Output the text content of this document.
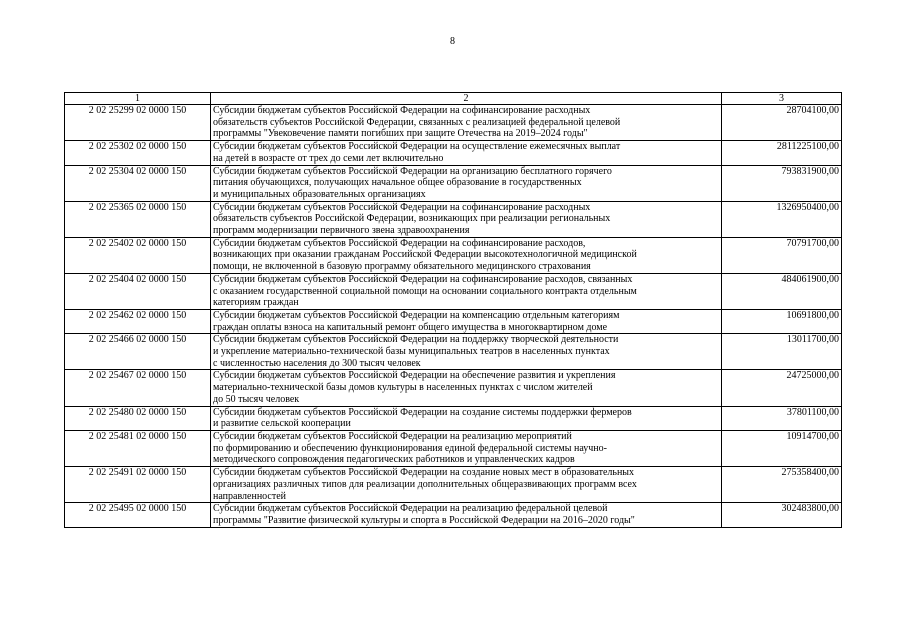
8
1	2	3
2 02 25299 02 0000 150	Субсидии бюджетам субъектов Российской Федерации на софинансирование расходных
обязательств субъектов Российской Федерации, связанных с реализацией федеральной целевой
программы "Увековечение памяти погибших при защите Отечества на 2019–2024 годы"	28704100,00
2 02 25302 02 0000 150	Субсидии бюджетам субъектов Российской Федерации на осуществление ежемесячных выплат
на детей в возрасте от трех до семи лет включительно	2811225100,00
2 02 25304 02 0000 150	Субсидии бюджетам субъектов Российской Федерации на организацию бесплатного горячего
питания обучающихся, получающих начальное общее образование в государственных
и муниципальных образовательных организациях	793831900,00
2 02 25365 02 0000 150	Субсидии бюджетам субъектов Российской Федерации на софинансирование расходных
обязательств субъектов Российской Федерации, возникающих при реализации региональных
программ модернизации первичного звена здравоохранения	1326950400,00
2 02 25402 02 0000 150	Субсидии бюджетам субъектов Российской Федерации на софинансирование расходов,
возникающих при оказании гражданам Российской Федерации высокотехнологичной медицинской
помощи, не включенной в базовую программу обязательного медицинского страхования	70791700,00
2 02 25404 02 0000 150	Субсидии бюджетам субъектов Российской Федерации на софинансирование расходов, связанных
с оказанием государственной социальной помощи на основании социального контракта отдельным
категориям граждан	484061900,00
2 02 25462 02 0000 150	Субсидии бюджетам субъектов Российской Федерации на компенсацию отдельным категориям
граждан оплаты взноса на капитальный ремонт общего имущества в многоквартирном доме	10691800,00
2 02 25466 02 0000 150	Субсидии бюджетам субъектов Российской Федерации на поддержку творческой деятельности
и укрепление материально-технической базы муниципальных театров в населенных пунктах
с численностью населения до 300 тысяч человек	13011700,00
2 02 25467 02 0000 150	Субсидии бюджетам субъектов Российской Федерации на обеспечение развития и укрепления
материально-технической базы домов культуры в населенных пунктах с числом жителей
до 50 тысяч человек	24725000,00
2 02 25480 02 0000 150	Субсидии бюджетам субъектов Российской Федерации на создание системы поддержки фермеров
и развитие сельской кооперации	37801100,00
2 02 25481 02 0000 150	Субсидии бюджетам субъектов Российской Федерации на реализацию мероприятий
по формированию и обеспечению функционирования единой федеральной системы научно-
методического сопровождения педагогических работников и управленческих кадров	10914700,00
2 02 25491 02 0000 150	Субсидии бюджетам субъектов Российской Федерации на создание новых мест в образовательных
организациях различных типов для реализации дополнительных общеразвивающих программ всех
направленностей	275358400,00
2 02 25495 02 0000 150	Субсидии бюджетам субъектов Российской Федерации на реализацию федеральной целевой
программы "Развитие физической культуры и спорта в Российской Федерации на 2016–2020 годы"	302483800,00
